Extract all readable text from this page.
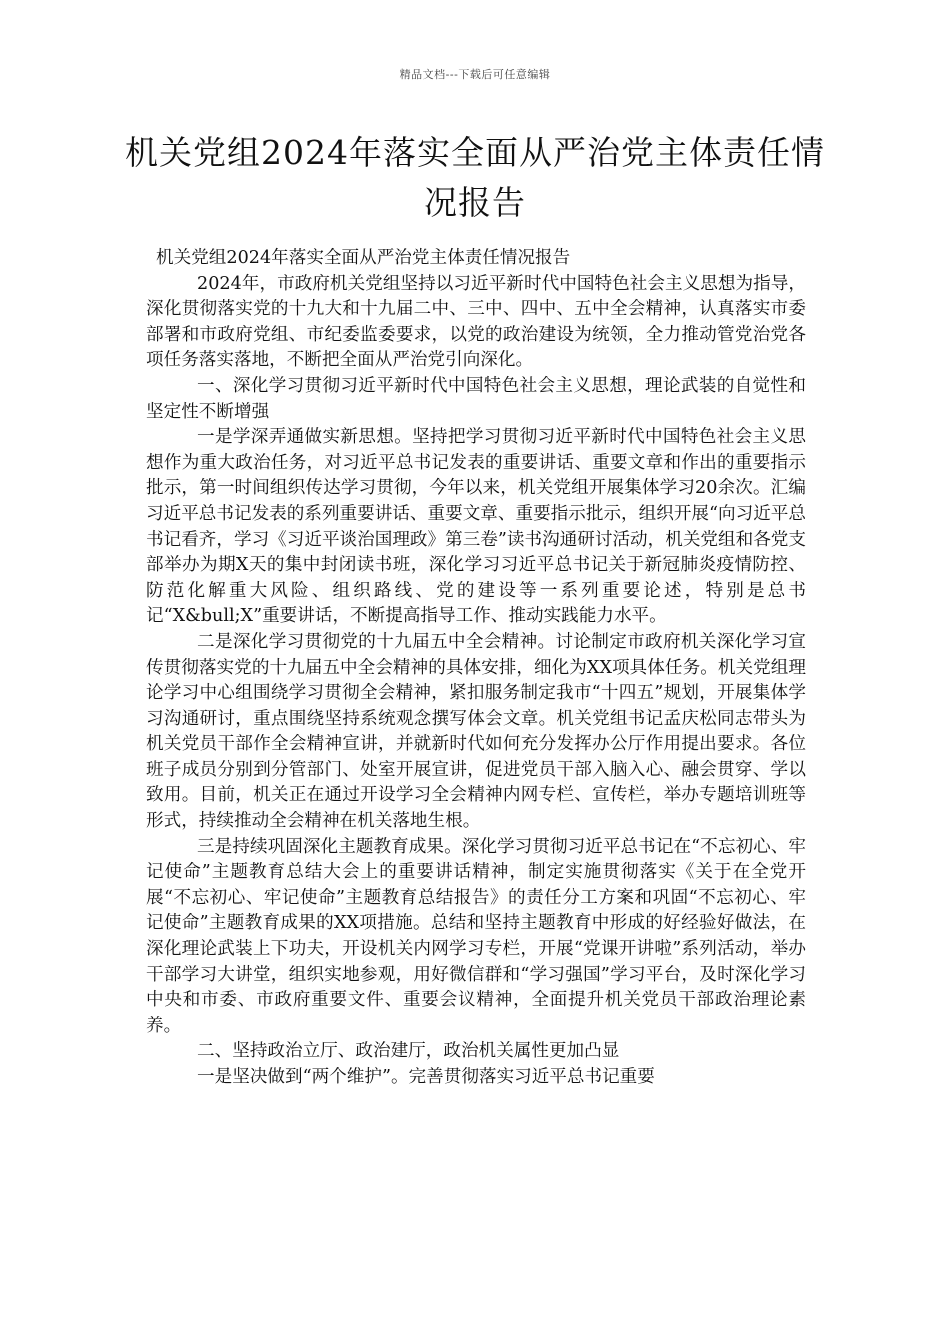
精品文档---下载后可任意编辑
机关党组2024年落实全面从严治党主体责任情况报告

机关党组2024年落实全面从严治党主体责任情况报告

2024年，市政府机关党组坚持以习近平新时代中国特色社会主义思想为指导，深化贯彻落实党的十九大和十九届二中、三中、四中、五中全会精神，认真落实市委部署和市政府党组、市纪委监委要求，以党的政治建设为统领，全力推动管党治党各项任务落实落地，不断把全面从严治党引向深化。

一、深化学习贯彻习近平新时代中国特色社会主义思想，理论武装的自觉性和坚定性不断增强

一是学深弄通做实新思想。坚持把学习贯彻习近平新时代中国特色社会主义思想作为重大政治任务，对习近平总书记发表的重要讲话、重要文章和作出的重要指示批示，第一时间组织传达学习贯彻，今年以来，机关党组开展集体学习20余次。汇编习近平总书记发表的系列重要讲话、重要文章、重要指示批示，组织开展“向习近平总书记看齐，学习《习近平谈治国理政》第三卷”读书沟通研讨活动，机关党组和各党支部举办为期X天的集中封闭读书班，深化学习习近平总书记关于新冠肺炎疫情防控、防范化解重大风险、组织路线、党的建设等一系列重要论述，特别是总书记“X&bull;X”重要讲话，不断提高指导工作、推动实践能力水平。

二是深化学习贯彻党的十九届五中全会精神。讨论制定市政府机关深化学习宣传贯彻落实党的十九届五中全会精神的具体安排，细化为XX项具体任务。机关党组理论学习中心组围绕学习贯彻全会精神，紧扣服务制定我市“十四五”规划，开展集体学习沟通研讨，重点围绕坚持系统观念撰写体会文章。机关党组书记孟庆松同志带头为机关党员干部作全会精神宣讲，并就新时代如何充分发挥办公厅作用提出要求。各位班子成员分别到分管部门、处室开展宣讲，促进党员干部入脑入心、融会贯穿、学以致用。目前，机关正在通过开设学习全会精神内网专栏、宣传栏，举办专题培训班等形式，持续推动全会精神在机关落地生根。

三是持续巩固深化主题教育成果。深化学习贯彻习近平总书记在“不忘初心、牢记使命”主题教育总结大会上的重要讲话精神，制定实施贯彻落实《关于在全党开展“不忘初心、牢记使命”主题教育总结报告》的责任分工方案和巩固“不忘初心、牢记使命”主题教育成果的XX项措施。总结和坚持主题教育中形成的好经验好做法，在深化理论武装上下功夫，开设机关内网学习专栏，开展“党课开讲啦”系列活动，举办干部学习大讲堂，组织实地参观，用好微信群和“学习强国”学习平台，及时深化学习中央和市委、市政府重要文件、重要会议精神，全面提升机关党员干部政治理论素养。

二、坚持政治立厅、政治建厅，政治机关属性更加凸显

一是坚决做到“两个维护”。完善贯彻落实习近平总书记重要
